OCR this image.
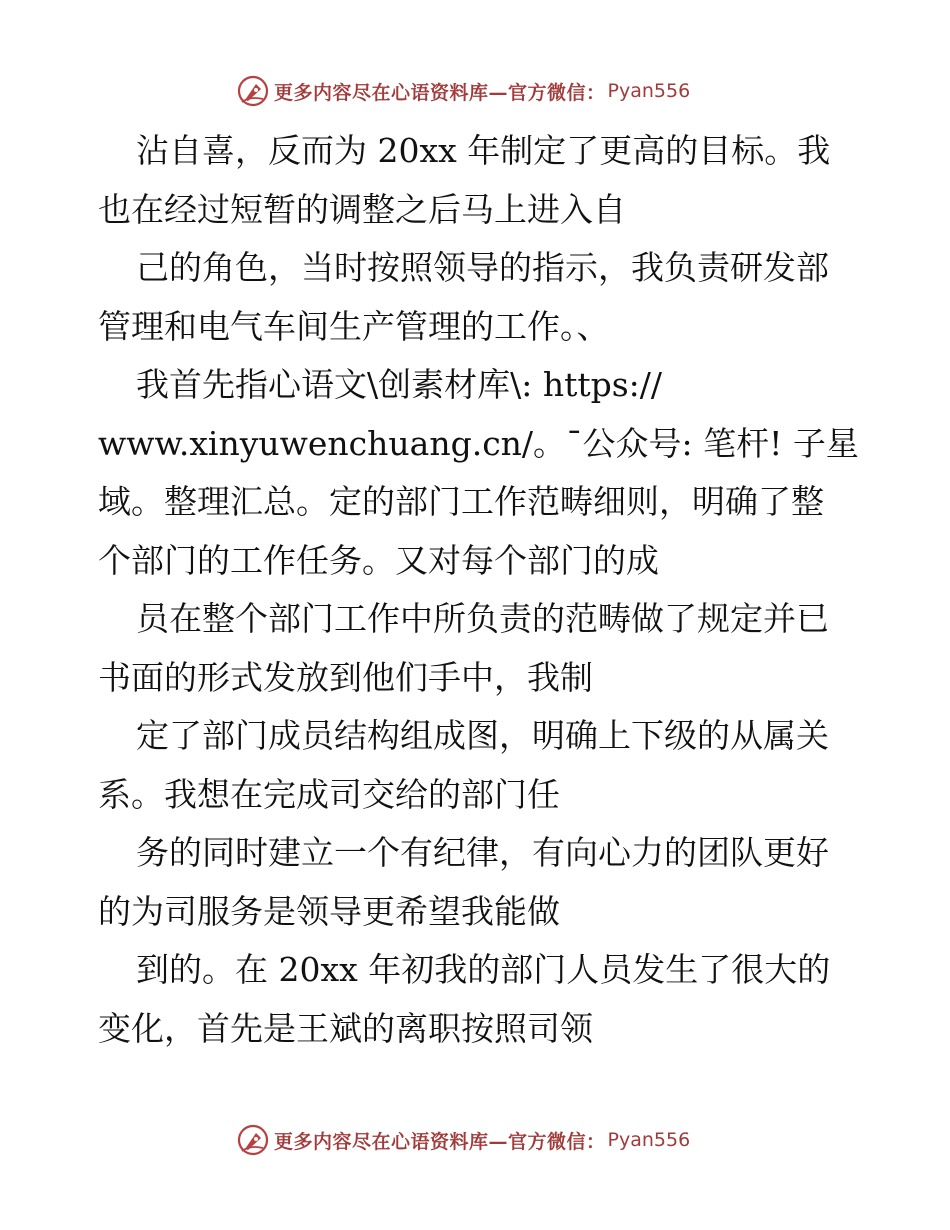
更多内容尽在心语资料库—官方微信： Pyan556
沾自喜，反而为 20xx 年制定了更高的目标。我
也在经过短暂的调整之后马上进入自
己的角色，当时按照领导的指示，我负责研发部
管理和电气车间生产管理的工作。、
我首先指心语文\创素材库\: https://
www.xinyuwenchuang.cn/。¯公众号: 笔杆! 子星
域。整理汇总。定的部门工作范畴细则，明确了整
个部门的工作任务。又对每个部门的成
员在整个部门工作中所负责的范畴做了规定并已
书面的形式发放到他们手中，我制
定了部门成员结构组成图，明确上下级的从属关
系。我想在完成司交给的部门任
务的同时建立一个有纪律，有向心力的团队更好
的为司服务是领导更希望我能做
到的。在 20xx 年初我的部门人员发生了很大的
变化，首先是王斌的离职按照司领
更多内容尽在心语资料库—官方微信： Pyan556
